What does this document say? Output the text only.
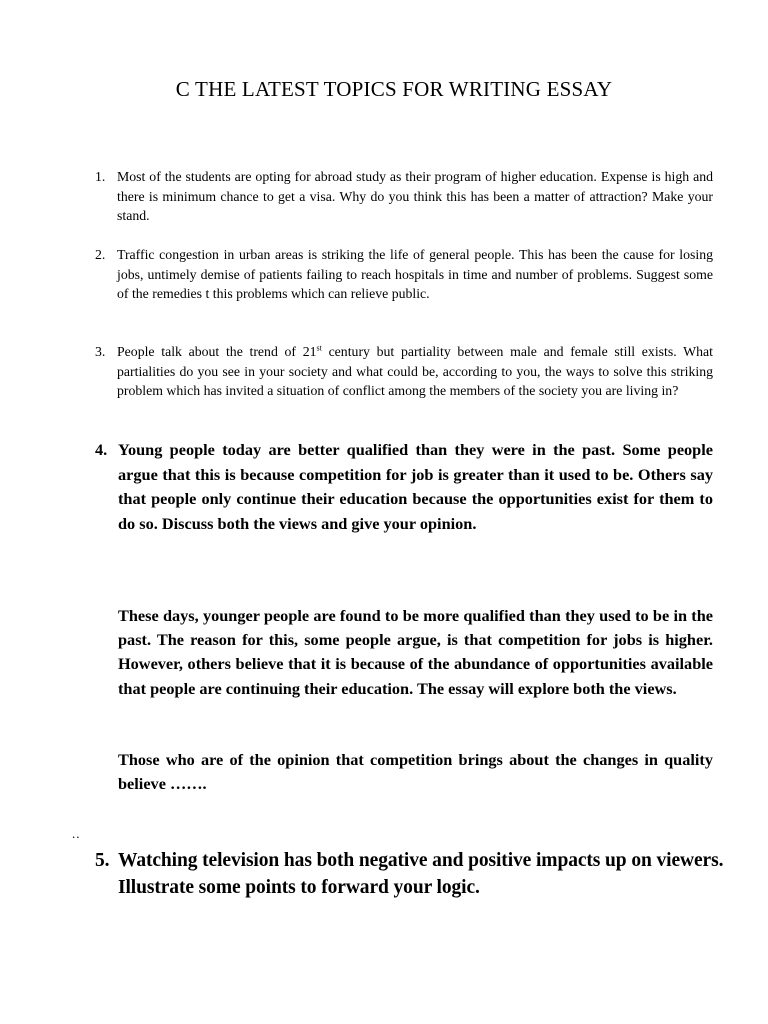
C THE LATEST TOPICS FOR WRITING ESSAY
1. Most of the students are opting for abroad study as their program of higher education. Expense is high and there is minimum chance to get a visa. Why do you think this has been a matter of attraction? Make your stand.
2. Traffic congestion in urban areas is striking the life of general people. This has been the cause for losing jobs, untimely demise of patients failing to reach hospitals in time and number of problems. Suggest some of the remedies t this problems which can relieve public.
3. People talk about the trend of 21st century but partiality between male and female still exists. What partialities do you see in your society and what could be, according to you, the ways to solve this striking problem which has invited a situation of conflict among the members of the society you are living in?
4. Young people today are better qualified than they were in the past. Some people argue that this is because competition for job is greater than it used to be. Others say that people only continue their education because the opportunities exist for them to do so. Discuss both the views and give your opinion.
These days, younger people are found to be more qualified than they used to be in the past. The reason for this, some people argue, is that competition for jobs is higher. However, others believe that it is because of the abundance of opportunities available that people are continuing their education. The essay will explore both the views.
Those who are of the opinion that competition brings about the changes in quality believe …….
..
5. Watching television has both negative and positive impacts up on viewers. Illustrate some points to forward your logic.
